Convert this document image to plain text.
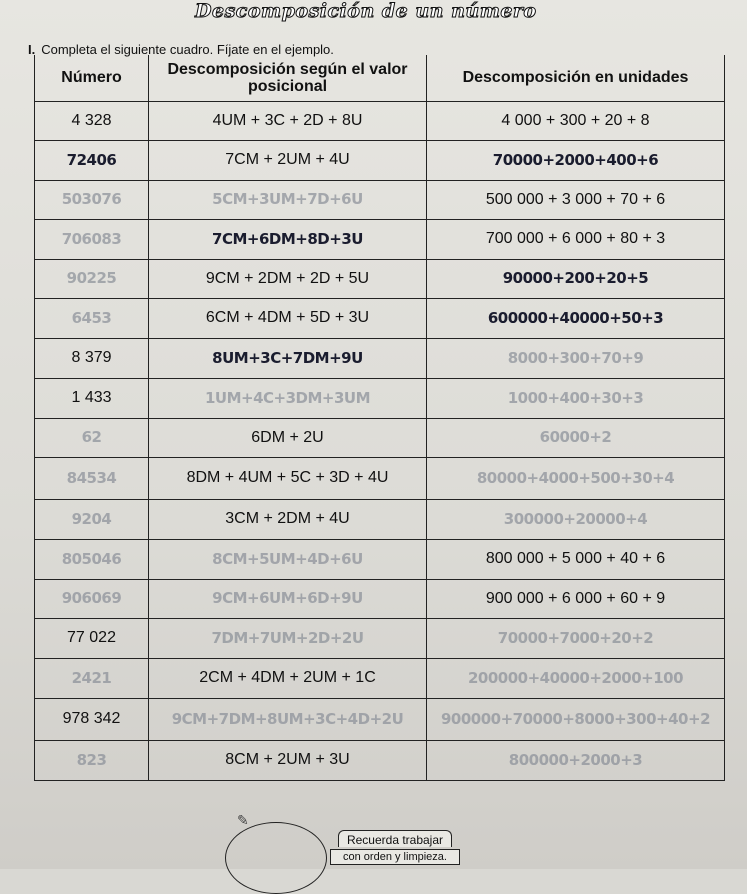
Descomposición de un número
I. Completa el siguiente cuadro. Fíjate en el ejemplo.
Número	Descomposición según el valor posicional	Descomposición en unidades
4 328	4UM + 3C + 2D + 8U	4 000 + 300 + 20 + 8
72406	7CM + 2UM + 4U	70000+2000+400+6
503076	5CM+3UM+7D+6U	500 000 + 3 000 + 70 + 6
706083	7CM+6DM+8D+3U	700 000 + 6 000 + 80 + 3
90225	9CM + 2DM + 2D + 5U	90000+200+20+5
6453	6CM + 4DM + 5D + 3U	600000+40000+50+3
8 379	8UM+3C+7DM+9U	8000+300+70+9
1 433	1UM+4C+3DM+3UM	1000+400+30+3
62	6DM + 2U	60000+2
84534	8DM + 4UM + 5C + 3D + 4U	80000+4000+500+30+4
9204	3CM + 2DM + 4U	300000+20000+4
805046	8CM+5UM+4D+6U	800 000 + 5 000 + 40 + 6
906069	9CM+6UM+6D+9U	900 000 + 6 000 + 60 + 9
77 022	7DM+7UM+2D+2U	70000+7000+20+2
2421	2CM + 4DM + 2UM + 1C	200000+40000+2000+100
978 342	9CM+7DM+8UM+3C+4D+2U	900000+70000+8000+300+40+2
823	8CM + 2UM + 3U	800000+2000+3
✎
Recuerda trabajar
con orden y limpieza.
